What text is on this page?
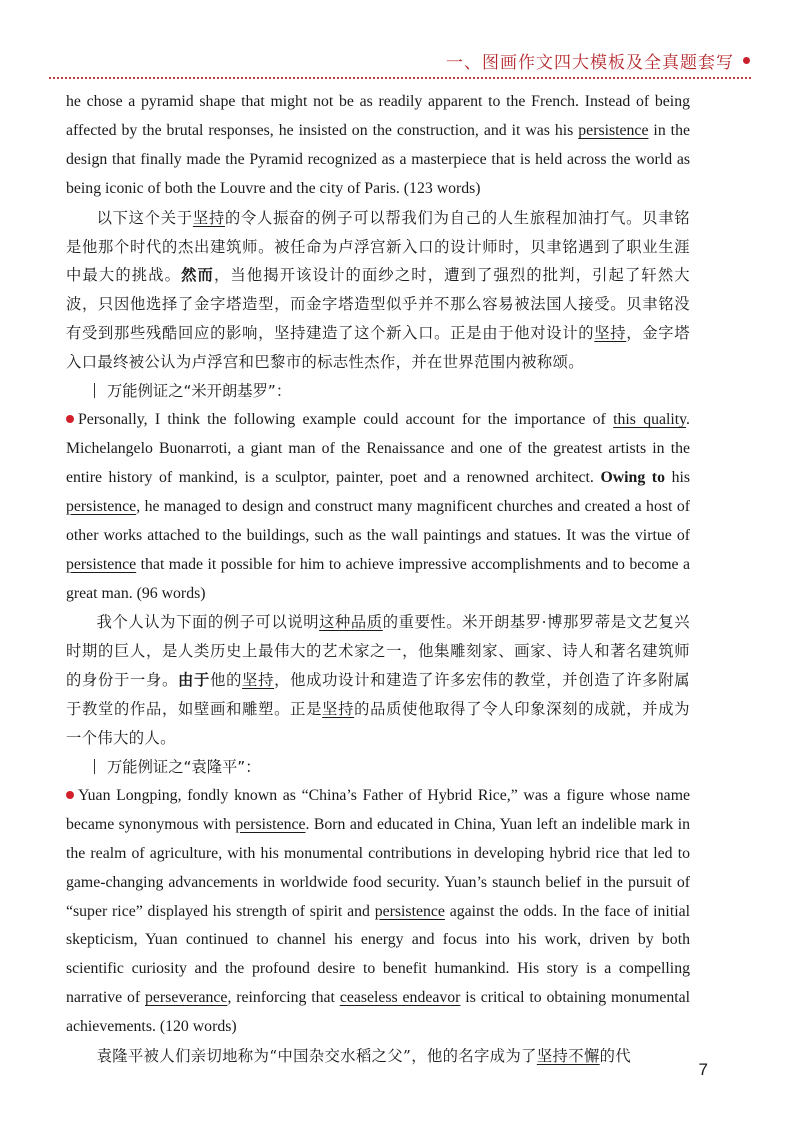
一、图画作文四大模板及全真题套写

he chose a pyramid shape that might not be as readily apparent to the French. Instead of being affected by the brutal responses, he insisted on the construction, and it was his persistence in the design that finally made the Pyramid recognized as a masterpiece that is held across the world as being iconic of both the Louvre and the city of Paris. (123 words)

以下这个关于坚持的令人振奋的例子可以帮我们为自己的人生旅程加油打气。贝聿铭是他那个时代的杰出建筑师。被任命为卢浮宫新入口的设计师时，贝聿铭遇到了职业生涯中最大的挑战。然而，当他揭开该设计的面纱之时，遭到了强烈的批判，引起了轩然大波，只因他选择了金字塔造型，而金字塔造型似乎并不那么容易被法国人接受。贝聿铭没有受到那些残酷回应的影响，坚持建造了这个新入口。正是由于他对设计的坚持，金字塔入口最终被公认为卢浮宫和巴黎市的标志性杰作，并在世界范围内被称颂。

万能例证之“米开朗基罗”：

Personally, I think the following example could account for the importance of this quality. Michelangelo Buonarroti, a giant man of the Renaissance and one of the greatest artists in the entire history of mankind, is a sculptor, painter, poet and a renowned architect. Owing to his persistence, he managed to design and construct many magnificent churches and created a host of other works attached to the buildings, such as the wall paintings and statues. It was the virtue of persistence that made it possible for him to achieve impressive accomplishments and to become a great man. (96 words)

我个人认为下面的例子可以说明这种品质的重要性。米开朗基罗·博那罗蒂是文艺复兴时期的巨人，是人类历史上最伟大的艺术家之一，他集雕刻家、画家、诗人和著名建筑师的身份于一身。由于他的坚持，他成功设计和建造了许多宏伟的教堂，并创造了许多附属于教堂的作品，如壁画和雕塑。正是坚持的品质使他取得了令人印象深刻的成就，并成为一个伟大的人。

万能例证之“袁隆平”：

Yuan Longping, fondly known as “China’s Father of Hybrid Rice,” was a figure whose name became synonymous with persistence. Born and educated in China, Yuan left an indelible mark in the realm of agriculture, with his monumental contributions in developing hybrid rice that led to game-changing advancements in worldwide food security. Yuan’s staunch belief in the pursuit of “super rice” displayed his strength of spirit and persistence against the odds. In the face of initial skepticism, Yuan continued to channel his energy and focus into his work, driven by both scientific curiosity and the profound desire to benefit humankind. His story is a compelling narrative of perseverance, reinforcing that ceaseless endeavor is critical to obtaining monumental achievements. (120 words)

袁隆平被人们亲切地称为“中国杂交水稻之父”，他的名字成为了坚持不懈的代

7
